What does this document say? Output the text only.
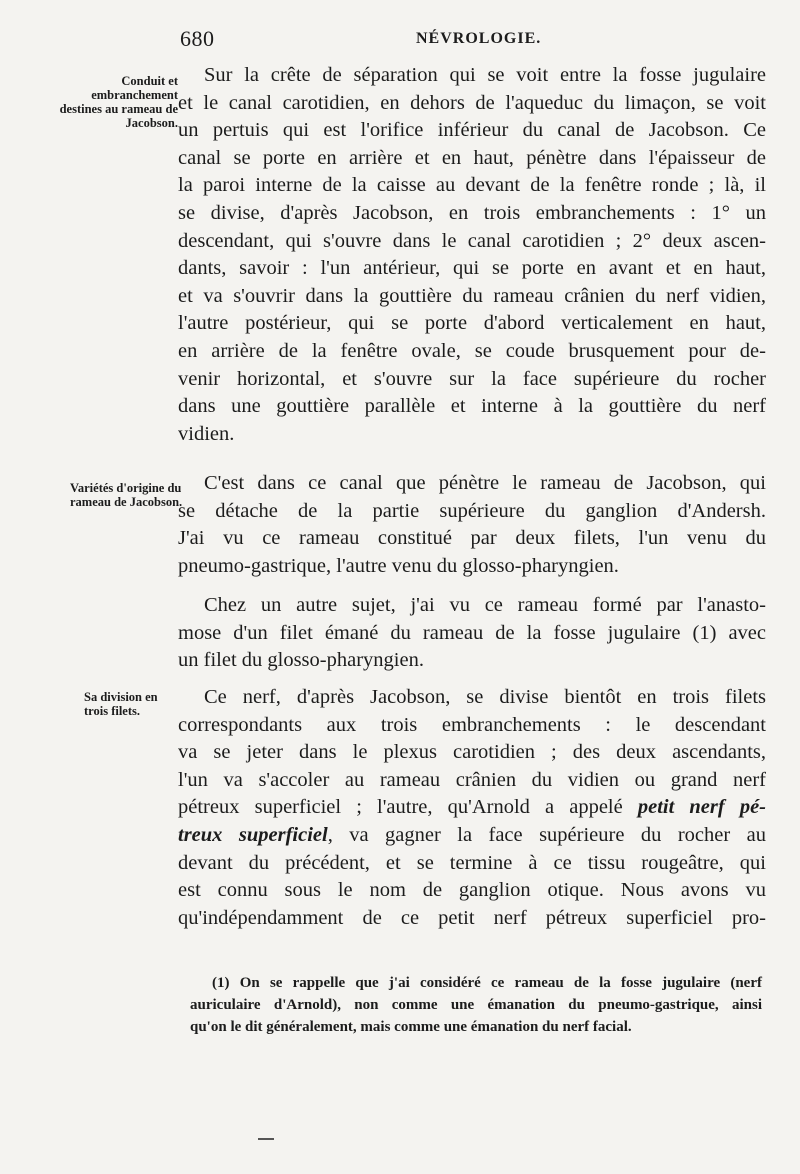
680	NÉVROLOGIE.
Conduit et embranchement destines au rameau de Jacobson.
Variétés d'origine du rameau de Jacobson.
Sa division en trois filets.
Sur la crête de séparation qui se voit entre la fosse jugulaire
et le canal carotidien, en dehors de l'aqueduc du limaçon, se voit
un pertuis qui est l'orifice inférieur du canal de Jacobson. Ce
canal se porte en arrière et en haut, pénètre dans l'épaisseur de
la paroi interne de la caisse au devant de la fenêtre ronde ; là, il
se divise, d'après Jacobson, en trois embranchements : 1° un
descendant, qui s'ouvre dans le canal carotidien ; 2° deux ascen-
dants, savoir : l'un antérieur, qui se porte en avant et en haut,
et va s'ouvrir dans la gouttière du rameau crânien du nerf vidien,
l'autre postérieur, qui se porte d'abord verticalement en haut,
en arrière de la fenêtre ovale, se coude brusquement pour de-
venir horizontal, et s'ouvre sur la face supérieure du rocher
dans une gouttière parallèle et interne à la gouttière du nerf
vidien.
C'est dans ce canal que pénètre le rameau de Jacobson, qui
se détache de la partie supérieure du ganglion d'Andersh.
J'ai vu ce rameau constitué par deux filets, l'un venu du
pneumo-gastrique, l'autre venu du glosso-pharyngien.
Chez un autre sujet, j'ai vu ce rameau formé par l'anasto-
mose d'un filet émané du rameau de la fosse jugulaire (1) avec
un filet du glosso-pharyngien.
Ce nerf, d'après Jacobson, se divise bientôt en trois filets
correspondants aux trois embranchements : le descendant
va se jeter dans le plexus carotidien ; des deux ascendants,
l'un va s'accoler au rameau crânien du vidien ou grand nerf
pétreux superficiel ; l'autre, qu'Arnold a appelé petit nerf pé-
treux superficiel, va gagner la face supérieure du rocher au
devant du précédent, et se termine à ce tissu rougeâtre, qui
est connu sous le nom de ganglion otique. Nous avons vu
qu'indépendamment de ce petit nerf pétreux superficiel pro-
(1) On se rappelle que j'ai considéré ce rameau de la fosse jugulaire (nerf
auriculaire d'Arnold), non comme une émanation du pneumo-gastrique, ainsi
qu'on le dit généralement, mais comme une émanation du nerf facial.
